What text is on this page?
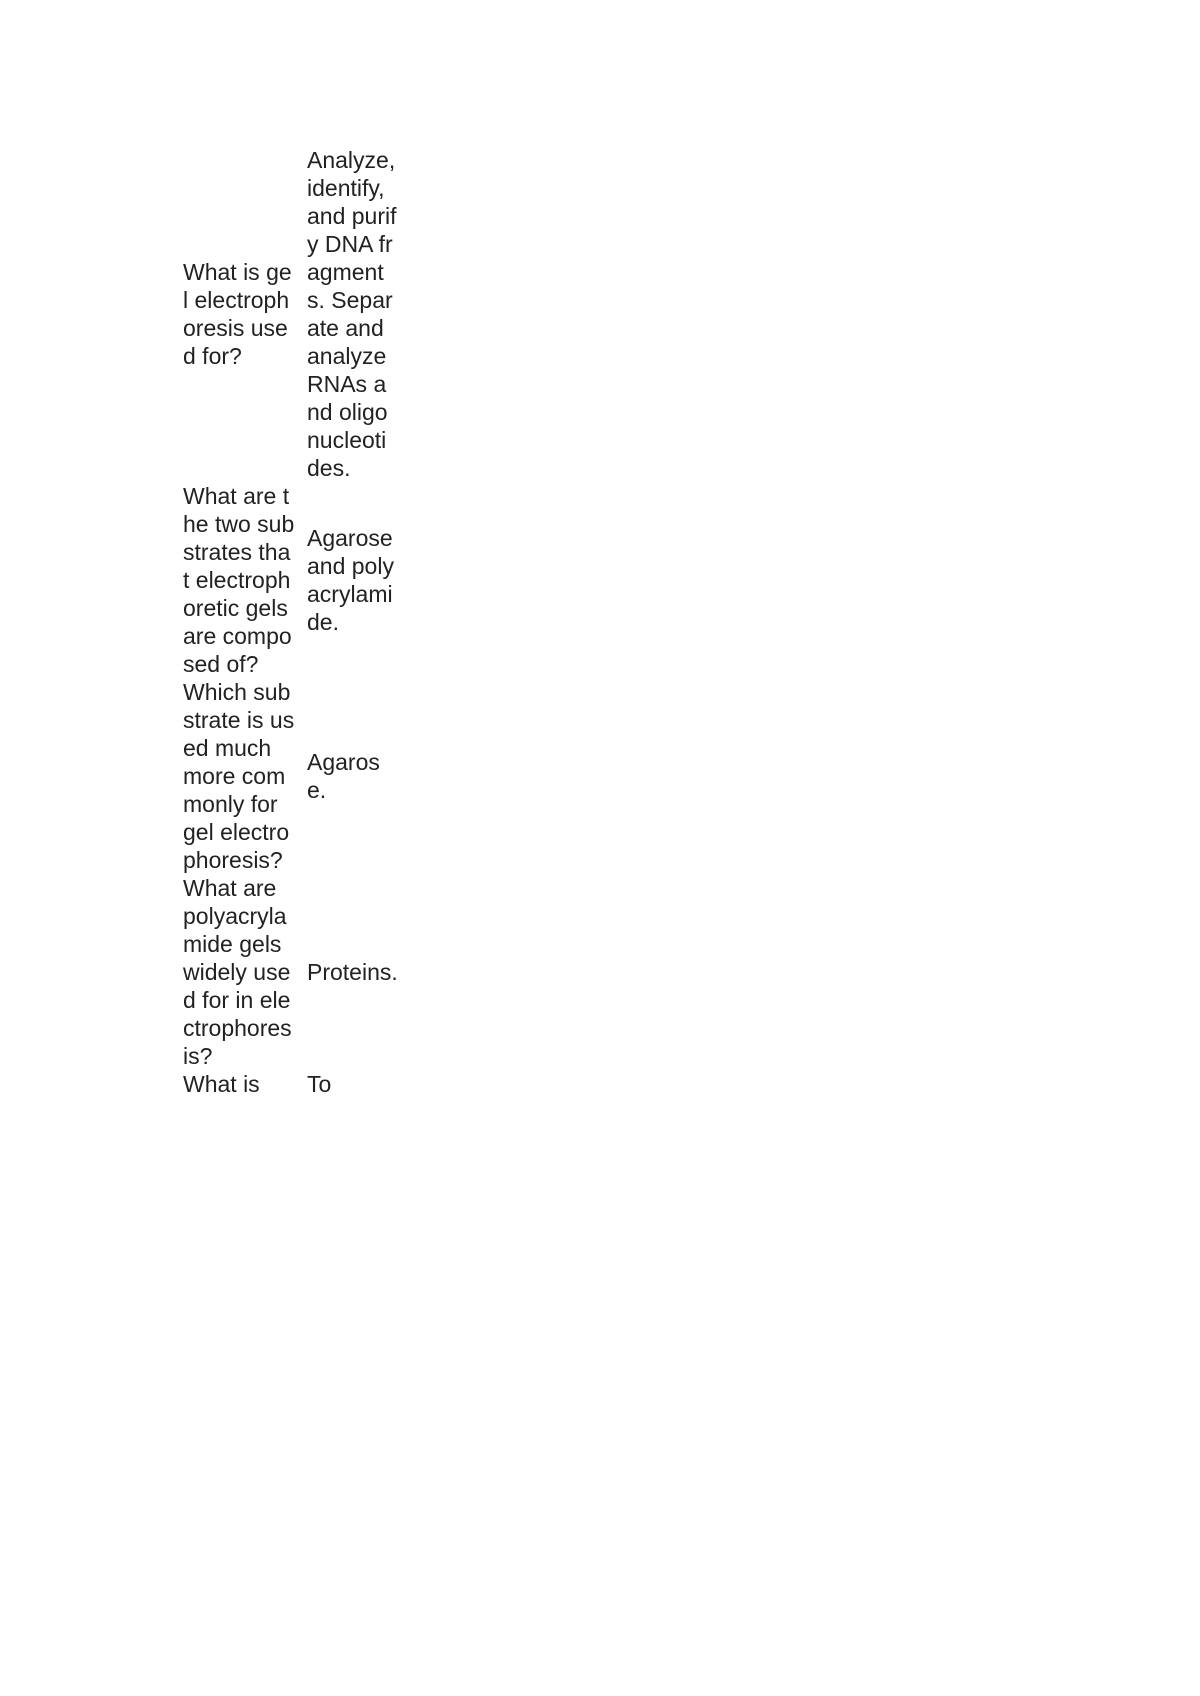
What is gel electrophoresis used for?	Analyze, identify, and purify DNA fragments. Separate and analyze RNAs and oligonucleotides.

What are the two substrates that electrophoretic gels are composed of?	Agarose and polyacrylamide.

Which substrate is used much more commonly for gel electrophoresis?	Agarose.

What are polyacrylamide gels widely used for in electrophoresis?	Proteins.

What is	To
